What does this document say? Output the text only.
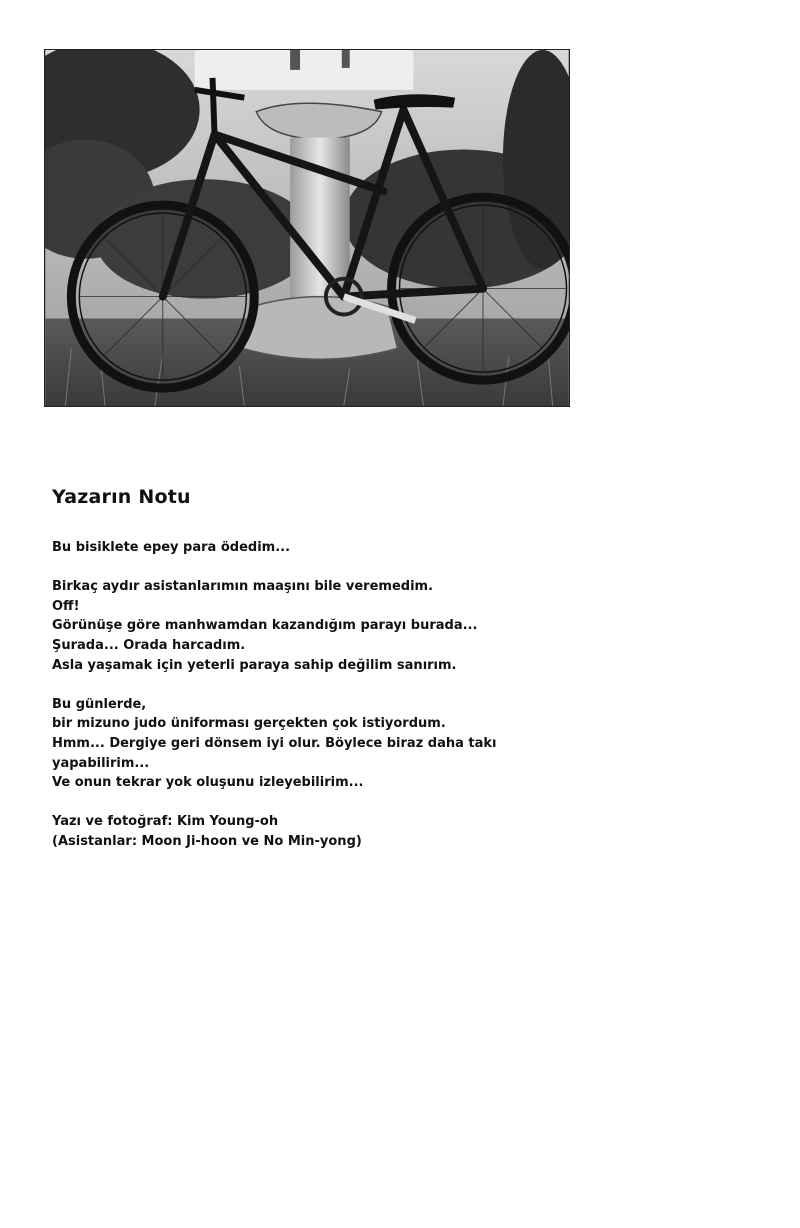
Yazarın Notu

Bu bisiklete epey para ödedim...

Birkaç aydır asistanlarımın maaşını bile veremedim.
Off!
Görünüşe göre manhwamdan kazandığım parayı burada...
Şurada... Orada harcadım.
Asla yaşamak için yeterli paraya sahip değilim sanırım.

Bu günlerde,
bir mizuno judo üniforması gerçekten çok istiyordum.
Hmm... Dergiye geri dönsem iyi olur. Böylece biraz daha takı
yapabilirim...
Ve onun tekrar yok oluşunu izleyebilirim...

Yazı ve fotoğraf: Kim Young-oh
(Asistanlar: Moon Ji-hoon ve No Min-yong)
